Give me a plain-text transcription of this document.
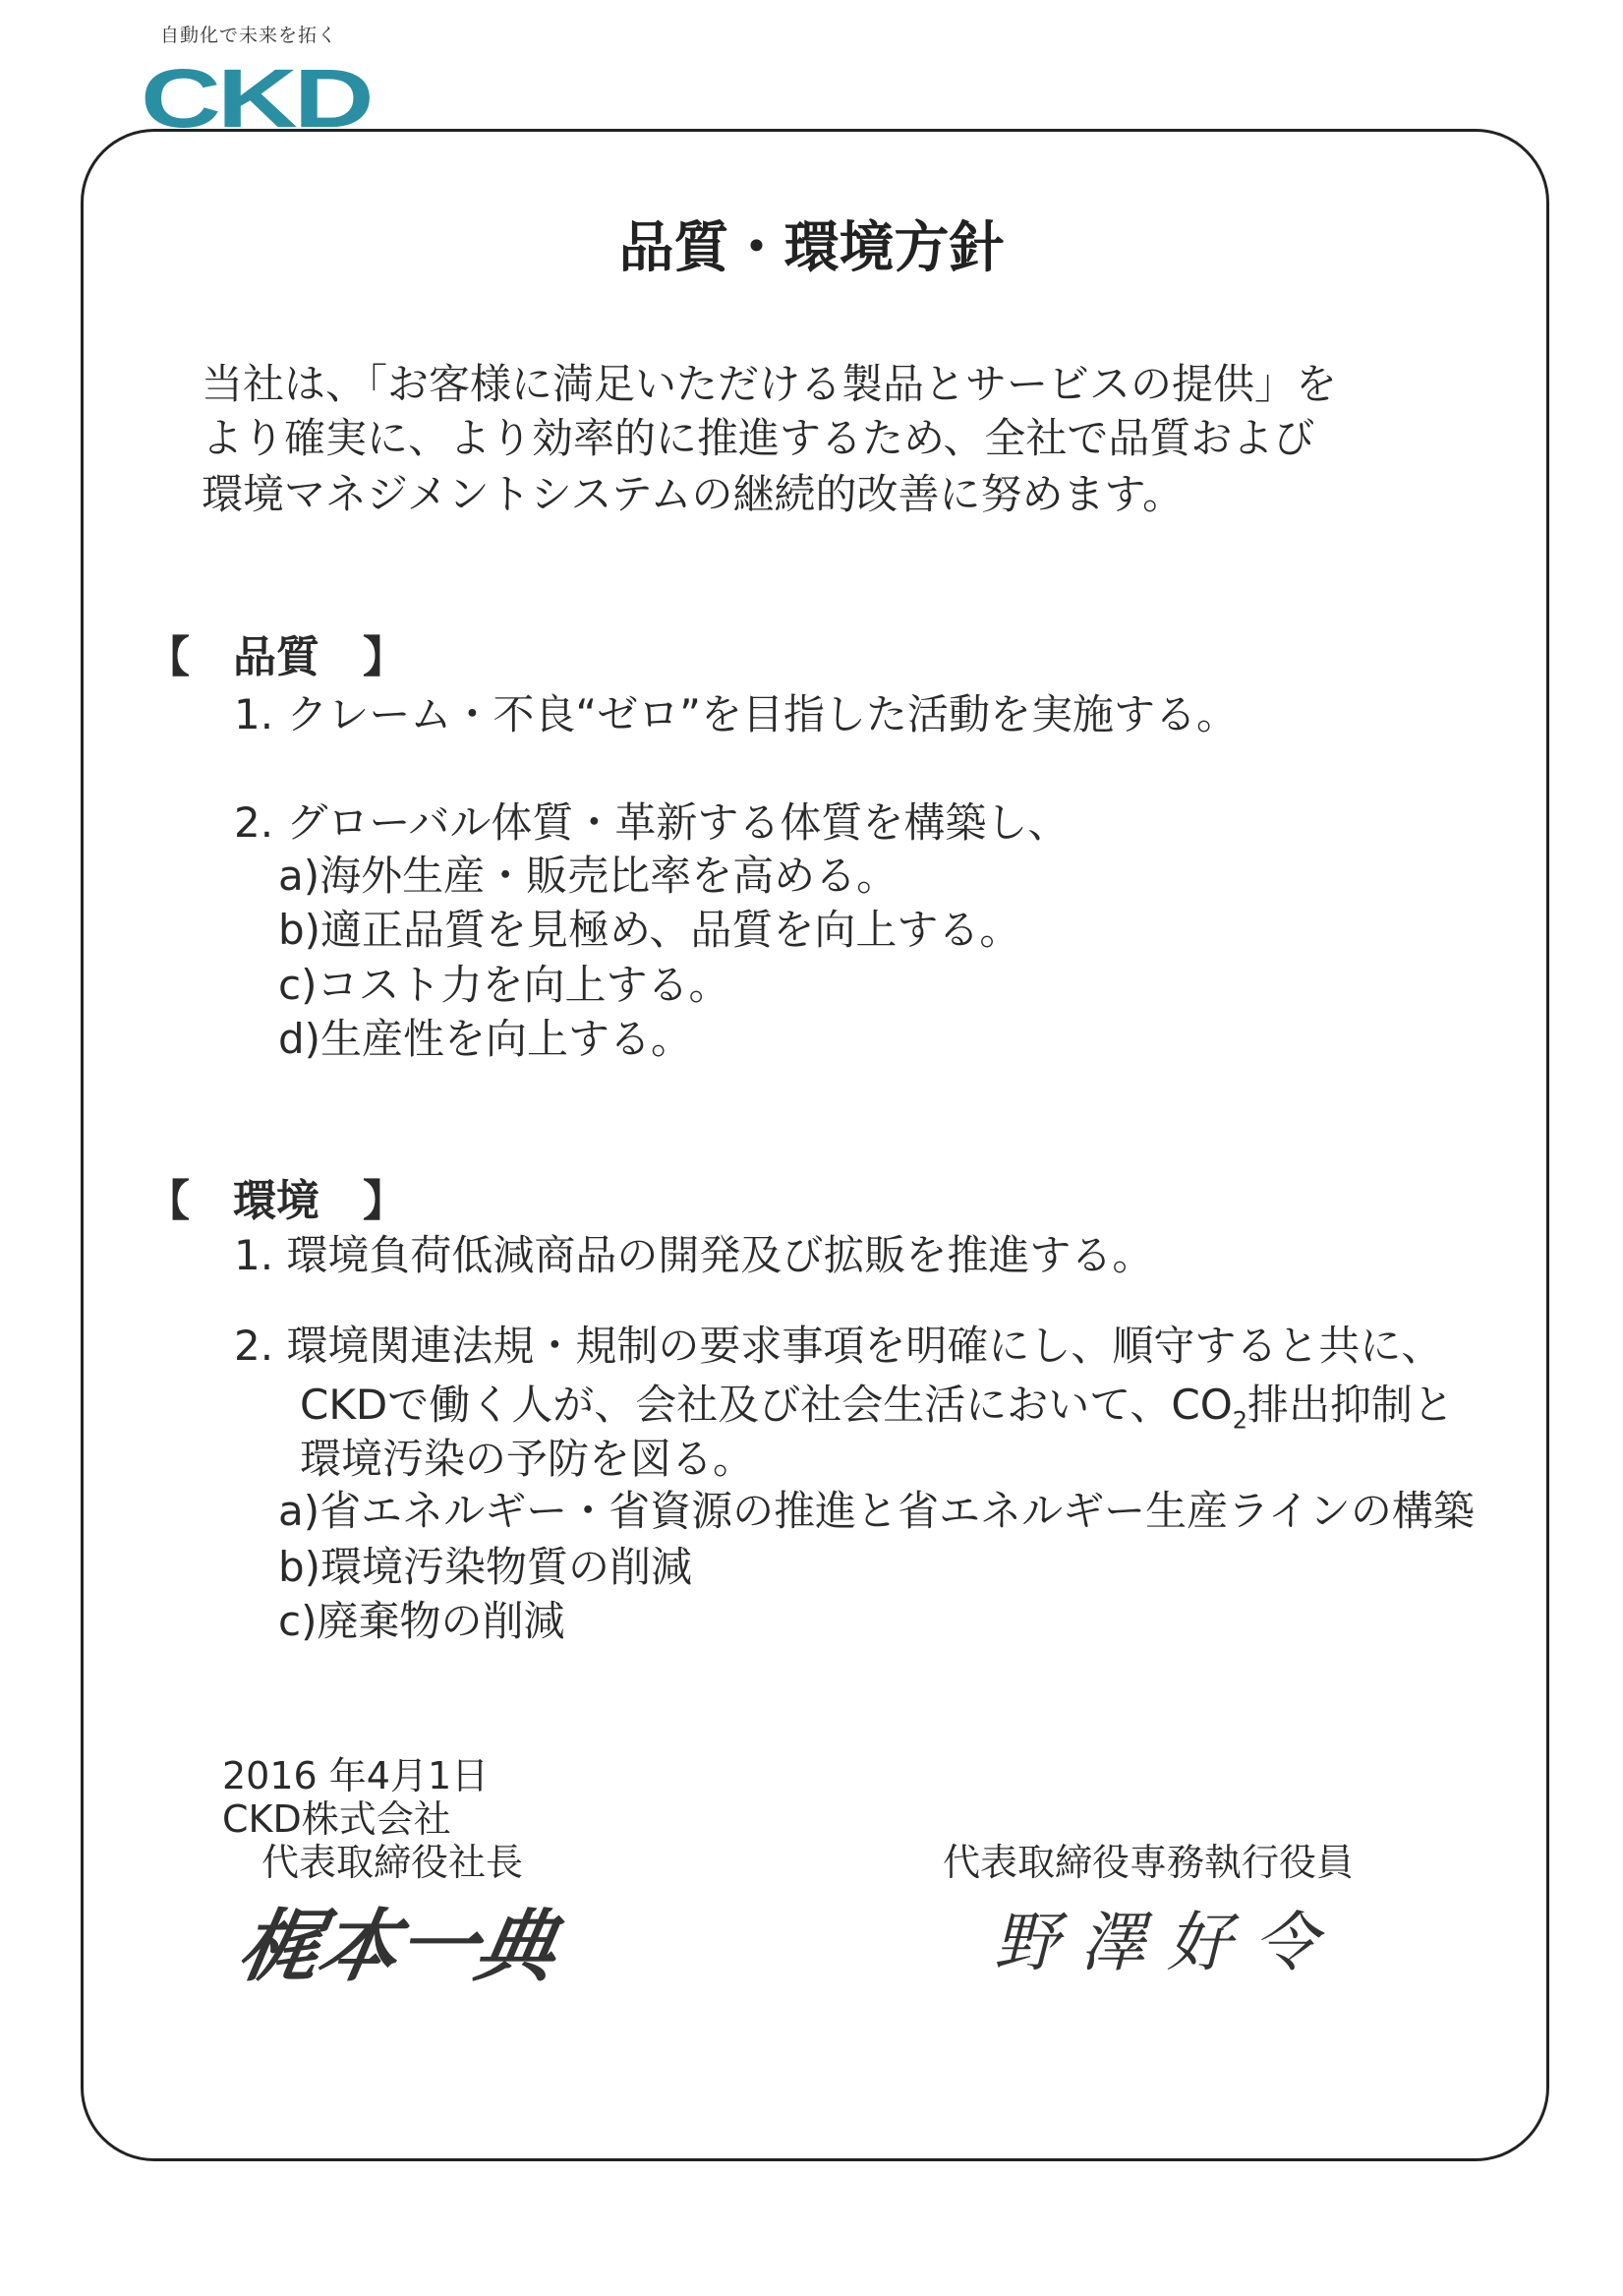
自動化で未来を拓く
CKD
品質・環境方針
当社は、「お客様に満足いただける製品とサービスの提供」を
より確実に、より効率的に推進するため、全社で品質および
環境マネジメントシステムの継続的改善に努めます。
【　品質　】
1. クレーム・不良“ゼロ”を目指した活動を実施する。
2. グローバル体質・革新する体質を構築し、
a)海外生産・販売比率を高める。
b)適正品質を見極め、品質を向上する。
c)コスト力を向上する。
d)生産性を向上する。
【　環境　】
1. 環境負荷低減商品の開発及び拡販を推進する。
2. 環境関連法規・規制の要求事項を明確にし、順守すると共に、
CKDで働く人が、会社及び社会生活において、$CO_2$排出抑制と
環境汚染の予防を図る。
a)省エネルギー・省資源の推進と省エネルギー生産ラインの構築
b)環境汚染物質の削減
c)廃棄物の削減
2016 年4月1日
CKD株式会社
代表取締役社長	代表取締役専務執行役員
梶本一典	野澤好令
